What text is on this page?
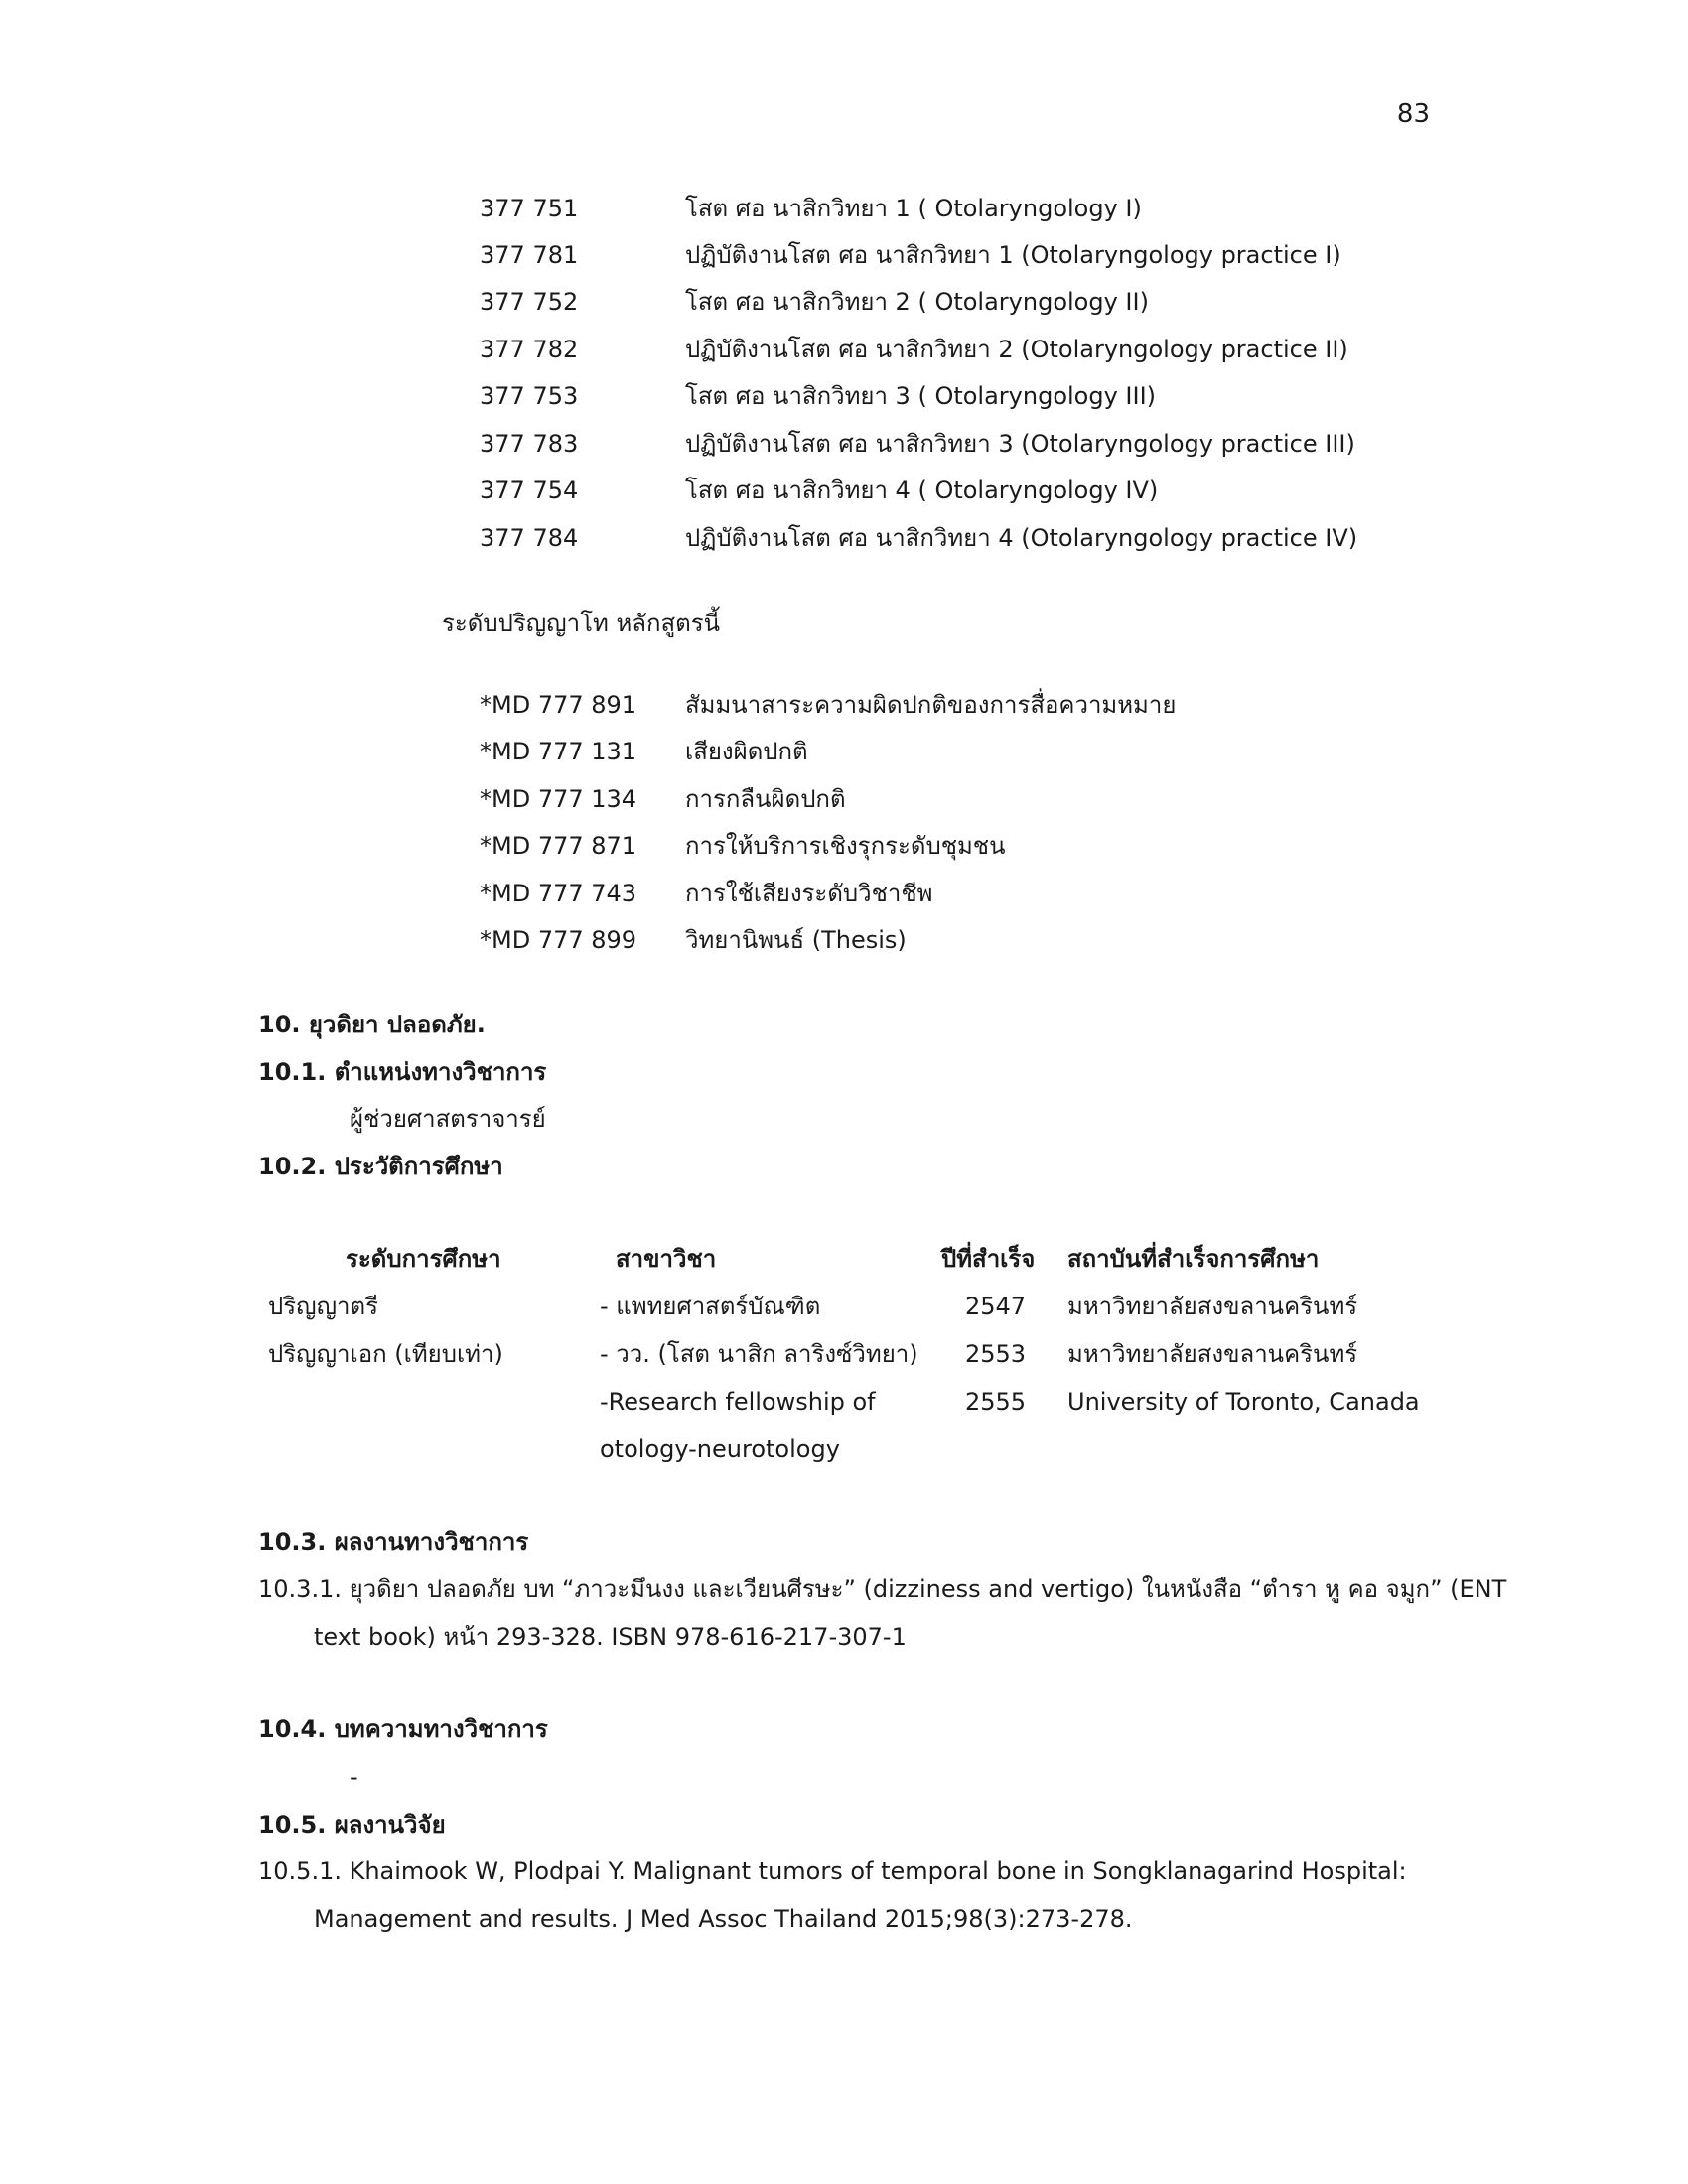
83
377 751	โสต ศอ นาสิกวิทยา 1 ( Otolaryngology I)
377 781	ปฏิบัติงานโสต ศอ นาสิกวิทยา 1 (Otolaryngology practice I)
377 752	โสต ศอ นาสิกวิทยา 2 ( Otolaryngology II)
377 782	ปฏิบัติงานโสต ศอ นาสิกวิทยา 2 (Otolaryngology practice II)
377 753	โสต ศอ นาสิกวิทยา 3 ( Otolaryngology III)
377 783	ปฏิบัติงานโสต ศอ นาสิกวิทยา 3 (Otolaryngology practice III)
377 754	โสต ศอ นาสิกวิทยา 4 ( Otolaryngology IV)
377 784	ปฏิบัติงานโสต ศอ นาสิกวิทยา 4 (Otolaryngology practice IV)
ระดับปริญญาโท หลักสูตรนี้
*MD 777 891 สัมมนาสาระความผิดปกติของการสื่อความหมาย
*MD 777 131 เสียงผิดปกติ
*MD 777 134 การกลืนผิดปกติ
*MD 777 871 การให้บริการเชิงรุกระดับชุมชน
*MD 777 743 การใช้เสียงระดับวิชาชีพ
*MD 777 899 วิทยานิพนธ์ (Thesis)
10. ยุวดิยา ปลอดภัย.
10.1. ตำแหน่งทางวิชาการ
ผู้ช่วยศาสตราจารย์
10.2. ประวัติการศึกษา
ระดับการศึกษา	สาขาวิชา	ปีที่สำเร็จ สถาบันที่สำเร็จการศึกษา
ปริญญาตรี	- แพทยศาสตร์บัณฑิต	2547 มหาวิทยาลัยสงขลานครินทร์
ปริญญาเอก (เทียบเท่า)	- วว. (โสต นาสิก ลาริงซ์วิทยา) 2553 มหาวิทยาลัยสงขลานครินทร์
-Research fellowship of	2555 University of Toronto, Canada
otology-neurotology
10.3. ผลงานทางวิชาการ
10.3.1. ยุวดิยา ปลอดภัย บท “ภาวะมึนงง และเวียนศีรษะ” (dizziness and vertigo) ในหนังสือ “ตำรา หู คอ จมูก” (ENT
text book) หน้า 293-328. ISBN 978-616-217-307-1
10.4. บทความทางวิชาการ
-
10.5. ผลงานวิจัย
10.5.1. Khaimook W, Plodpai Y. Malignant tumors of temporal bone in Songklanagarind Hospital:
Management and results. J Med Assoc Thailand 2015;98(3):273-278.
